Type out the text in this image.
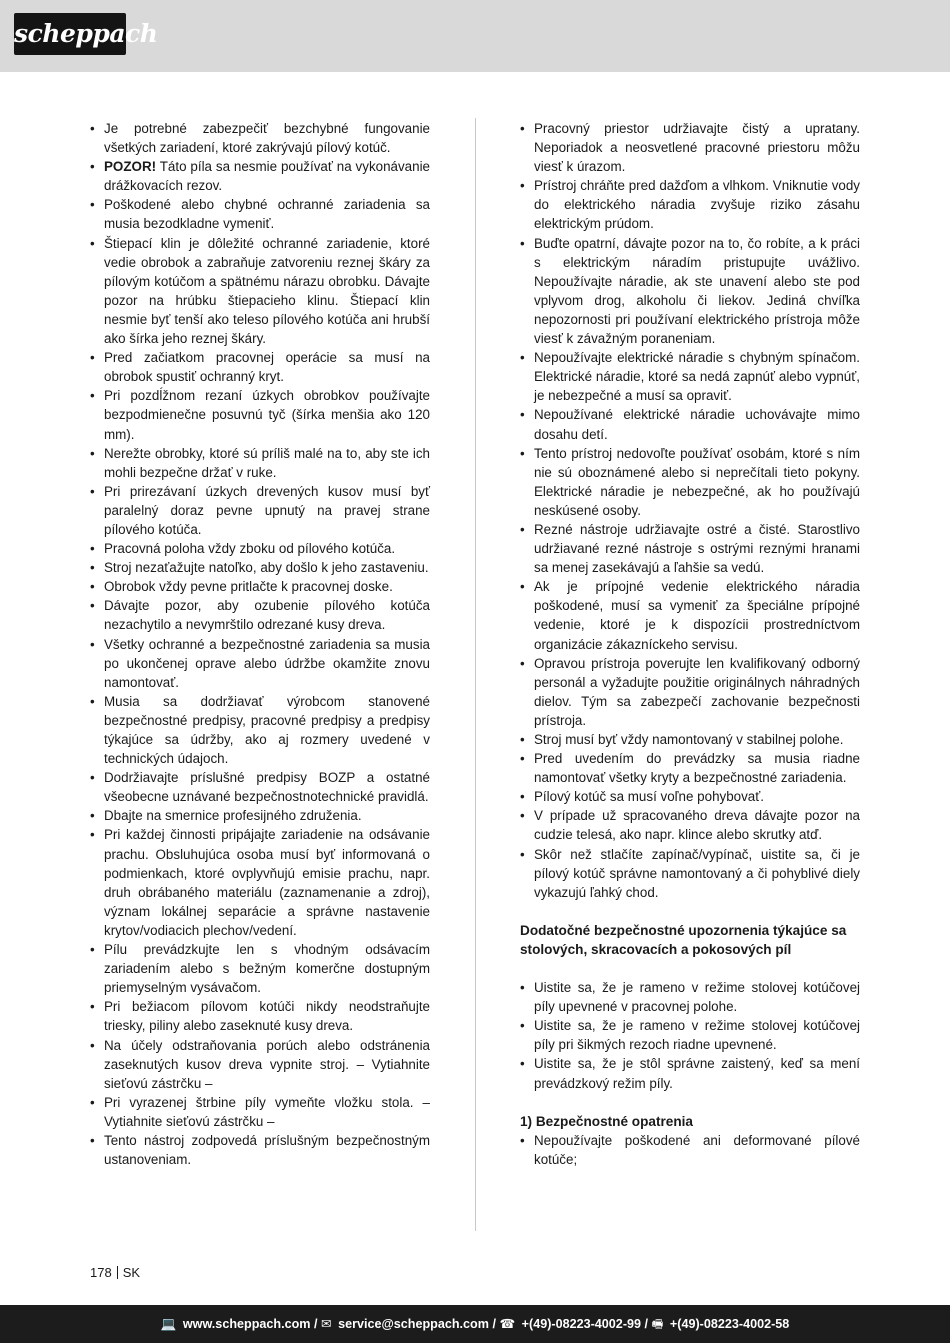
scheppach
• Je potrebné zabezpečiť bezchybné fungovanie všetkých zariadení, ktoré zakrývajú pílový kotúč.
• POZOR! Táto píla sa nesmie používať na vykonávanie drážkovacích rezov.
• Poškodené alebo chybné ochranné zariadenia sa musia bezodkladne vymeniť.
• Štiepací klin je dôležité ochranné zariadenie, ktoré vedie obrobok a zabraňuje zatvoreniu reznej škáry za pílovým kotúčom a spätnému nárazu obrobku. Dávajte pozor na hrúbku štiepacieho klinu. Štiepací klin nesmie byť tenší ako teleso pílového kotúča ani hrubší ako šírka jeho reznej škáry.
• Pred začiatkom pracovnej operácie sa musí na obrobok spustiť ochranný kryt.
• Pri pozdĺžnom rezaní úzkych obrobkov používajte bezpodmienečne posuvnú tyč (šírka menšia ako 120 mm).
• Nerežte obrobky, ktoré sú príliš malé na to, aby ste ich mohli bezpečne držať v ruke.
• Pri prirezávaní úzkych drevených kusov musí byť paralelný doraz pevne upnutý na pravej strane pílového kotúča.
• Pracovná poloha vždy zboku od pílového kotúča.
• Stroj nezaťažujte natoľko, aby došlo k jeho zastaveniu.
• Obrobok vždy pevne pritlačte k pracovnej doske.
• Dávajte pozor, aby ozubenie pílového kotúča nezachytilo a nevymrštilo odrezané kusy dreva.
• Všetky ochranné a bezpečnostné zariadenia sa musia po ukončenej oprave alebo údržbe okamžite znovu namontovať.
• Musia sa dodržiavať výrobcom stanovené bezpečnostné predpisy, pracovné predpisy a predpisy týkajúce sa údržby, ako aj rozmery uvedené v technických údajoch.
• Dodržiavajte príslušné predpisy BOZP a ostatné všeobecne uznávané bezpečnostnotechnické pravidlá.
• Dbajte na smernice profesijného združenia.
• Pri každej činnosti pripájajte zariadenie na odsávanie prachu. Obsluhujúca osoba musí byť informovaná o podmienkach, ktoré ovplyvňujú emisie prachu, napr. druh obrábaného materiálu (zaznamenanie a zdroj), význam lokálnej separácie a správne nastavenie krytov/vodiacich plechov/vedení.
• Pílu prevádzkujte len s vhodným odsávacím zariadením alebo s bežným komerčne dostupným priemyselným vysávačom.
• Pri bežiacom pílovom kotúči nikdy neodstraňujte triesky, piliny alebo zaseknuté kusy dreva.
• Na účely odstraňovania porúch alebo odstránenia zaseknutých kusov dreva vypnite stroj. – Vytiahnite sieťovú zástrčku –
• Pri vyrazenej štrbine píly vymeňte vložku stola. – Vytiahnite sieťovú zástrčku –
• Tento nástroj zodpovedá príslušným bezpečnostným ustanoveniam.
• Pracovný priestor udržiavajte čistý a upratany. Neporiadok a neosvetlené pracovné priestoru môžu viesť k úrazom.
• Prístroj chráňte pred dažďom a vlhkom. Vniknutie vody do elektrického náradia zvyšuje riziko zásahu elektrickým prúdom.
• Buďte opatrní, dávajte pozor na to, čo robíte, a k práci s elektrickým náradím pristupujte uvážlivo. Nepoužívajte náradie, ak ste unavení alebo ste pod vplyvom drog, alkoholu či liekov. Jediná chvíľka nepozornosti pri používaní elektrického prístroja môže viesť k závažným poraneniam.
• Nepoužívajte elektrické náradie s chybným spínačom. Elektrické náradie, ktoré sa nedá zapnúť alebo vypnúť, je nebezpečné a musí sa opraviť.
• Nepoužívané elektrické náradie uchovávajte mimo dosahu detí.
• Tento prístroj nedovoľte používať osobám, ktoré s ním nie sú oboznámené alebo si neprečítali tieto pokyny. Elektrické náradie je nebezpečné, ak ho používajú neskúsené osoby.
• Rezné nástroje udržiavajte ostré a čisté. Starostlivo udržiavané rezné nástroje s ostrými reznými hranami sa menej zasekávajú a ľahšie sa vedú.
• Ak je prípojné vedenie elektrického náradia poškodené, musí sa vymeniť za špeciálne prípojné vedenie, ktoré je k dispozícii prostredníctvom organizácie zákazníckeho servisu.
• Opravou prístroja poverujte len kvalifikovaný odborný personál a vyžadujte použitie originálnych náhradných dielov. Tým sa zabezpečí zachovanie bezpečnosti prístroja.
• Stroj musí byť vždy namontovaný v stabilnej polohe.
• Pred uvedením do prevádzky sa musia riadne namontovať všetky kryty a bezpečnostné zariadenia.
• Pílový kotúč sa musí voľne pohybovať.
• V prípade už spracovaného dreva dávajte pozor na cudzie telesá, ako napr. klince alebo skrutky atď.
• Skôr než stlačíte zapínač/vypínač, uistite sa, či je pílový kotúč správne namontovaný a či pohyblivé diely vykazujú ľahký chod.

Dodatočné bezpečnostné upozornenia týkajúce sa stolových, skracovacích a pokosových píl

• Uistite sa, že je rameno v režime stolovej kotúčovej píly upevnené v pracovnej polohe.
• Uistite sa, že je rameno v režime stolovej kotúčovej píly pri šikmých rezoch riadne upevnené.
• Uistite sa, že je stôl správne zaistený, keď sa mení prevádzkový režim píly.

1) Bezpečnostné opatrenia

• Nepoužívajte poškodené ani deformované pílové kotúče;
178 SK
💻 www.scheppach.com / ✉ service@scheppach.com / ☎ +(49)-08223-4002-99 / 🖷 +(49)-08223-4002-58
